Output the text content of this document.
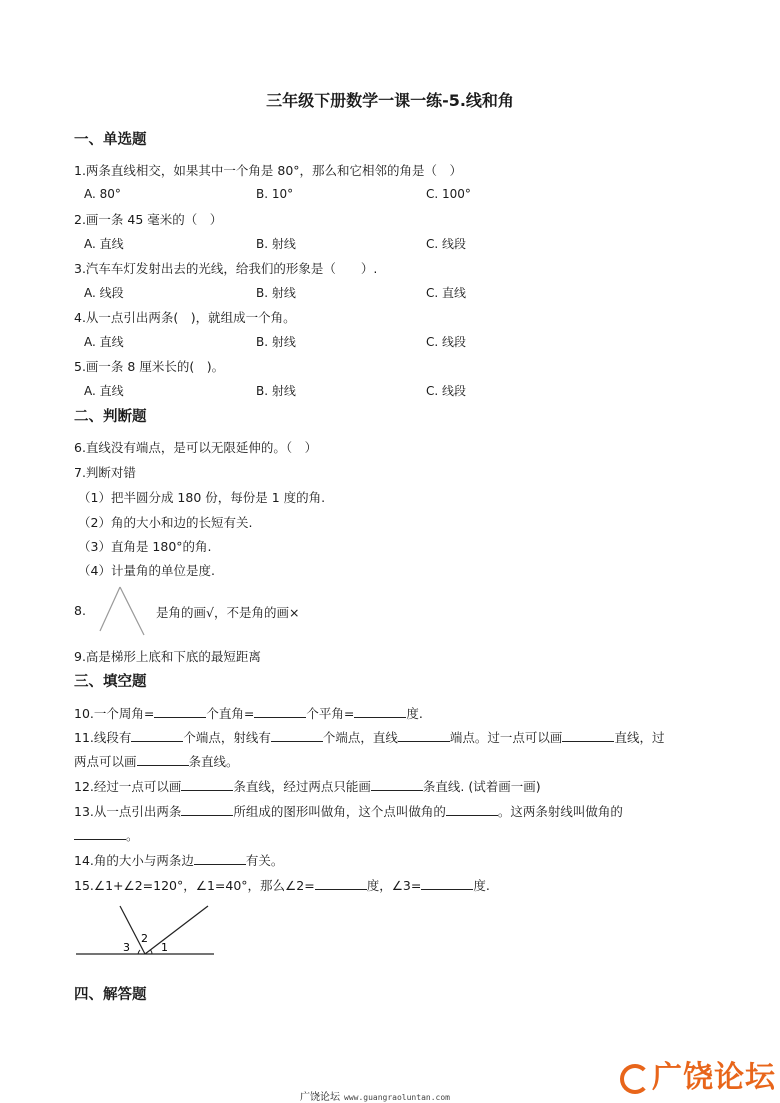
三年级下册数学一课一练-5.线和角
一、单选题
1.两条直线相交，如果其中一个角是 80°，那么和它相邻的角是（　）
A. 80°	B. 10°	C. 100°
2.画一条 45 毫米的（　）
A. 直线	B. 射线	C. 线段
3.汽车车灯发射出去的光线，给我们的形象是（　　）.
A. 线段	B. 射线	C. 直线
4.从一点引出两条(　)，就组成一个角。
A. 直线	B. 射线	C. 线段
5.画一条 8 厘米长的(　)。
A. 直线	B. 射线	C. 线段
二、判断题
6.直线没有端点，是可以无限延伸的。（　）
7.判断对错
（1）把半圆分成 180 份，每份是 1 度的角.
（2）角的大小和边的长短有关.
（3）直角是 180°的角.
（4）计量角的单位是度.
8.	是角的画√，不是角的画×
9.高是梯形上底和下底的最短距离
三、填空题
10.一个周角=	个直角=	个平角=	度.
11.线段有	个端点，射线有	个端点，直线	端点。过一点可以画	直线，过
两点可以画	条直线。
12.经过一点可以画	条直线，经过两点只能画	条直线. (试着画一画)
13.从一点引出两条	所组成的图形叫做角，这个点叫做角的	。这两条射线叫做角的
。
14.角的大小与两条边	有关。
15.∠1+∠2=120°，∠1=40°，那么∠2=	度，∠3=	度.
1
2
3
四、解答题
广饶论坛 www.guangraoluntan.com
广饶论坛
